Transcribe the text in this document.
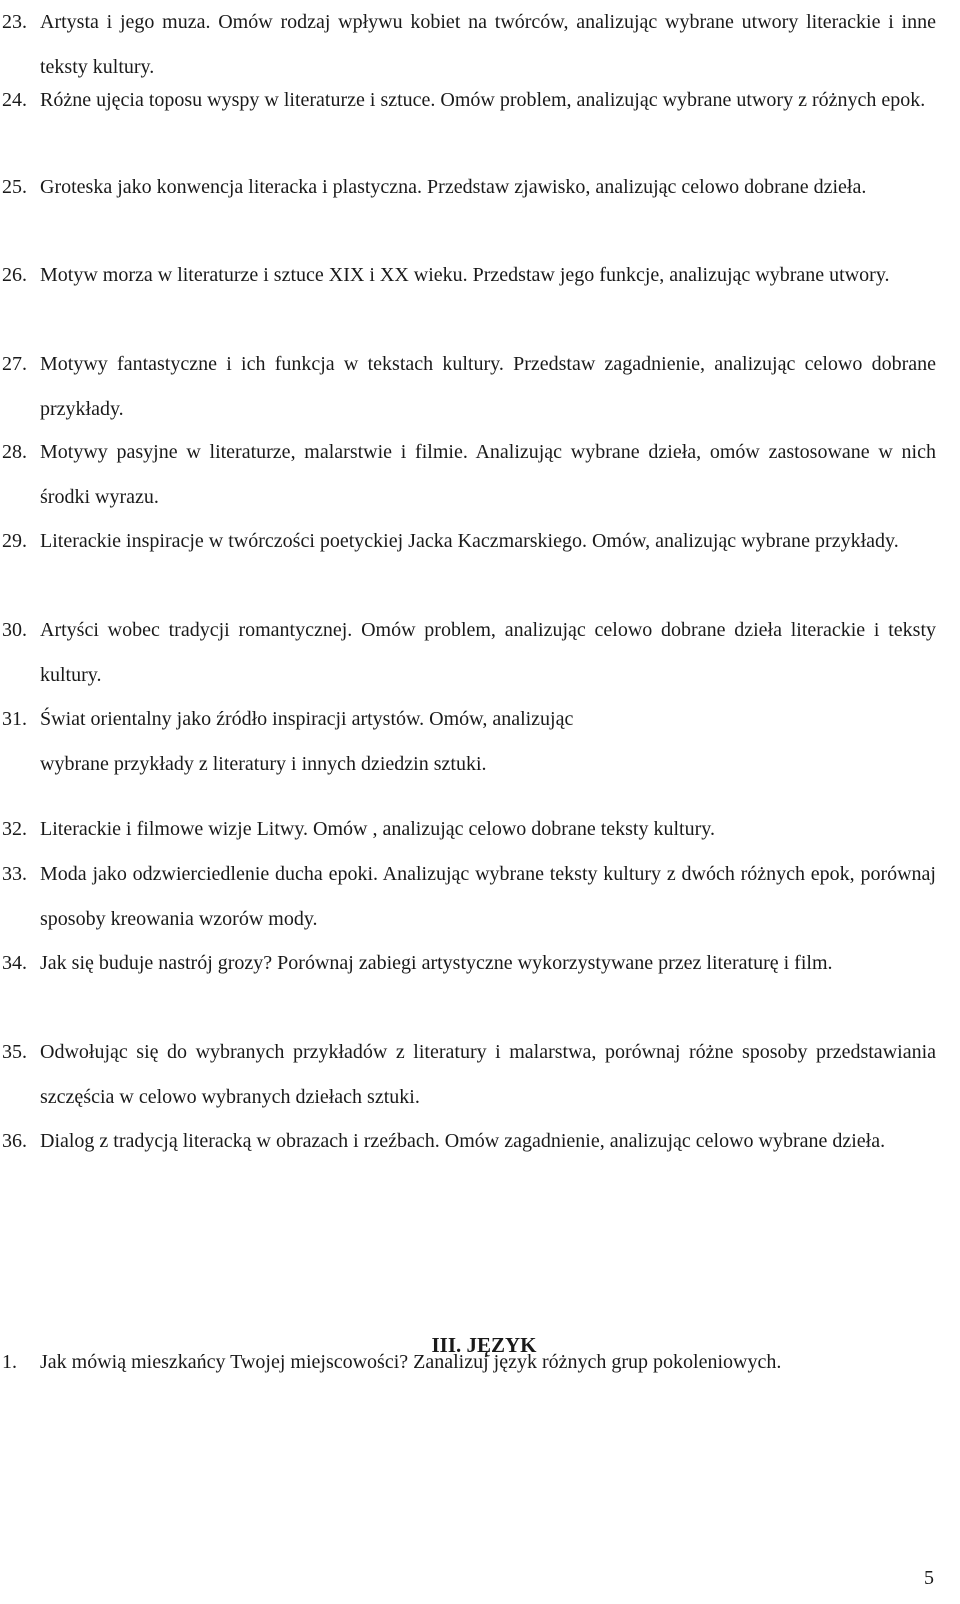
23. Artysta i jego muza. Omów rodzaj wpływu kobiet na twórców, analizując wybrane utwory literackie i inne teksty kultury.

24. Różne ujęcia toposu wyspy w literaturze i sztuce. Omów problem, analizując wybrane utwory z różnych epok.

25. Groteska jako konwencja literacka i plastyczna. Przedstaw zjawisko, analizując celowo dobrane dzieła.

26. Motyw morza w literaturze i sztuce XIX i XX wieku. Przedstaw jego funkcje, analizując wybrane utwory.

27. Motywy fantastyczne i ich funkcja w tekstach kultury. Przedstaw zagadnienie, analizując celowo dobrane przykłady.

28. Motywy pasyjne w literaturze, malarstwie i filmie. Analizując wybrane dzieła, omów zastosowane w nich środki wyrazu.

29. Literackie inspiracje w twórczości poetyckiej Jacka Kaczmarskiego. Omów, analizując wybrane przykłady.

30. Artyści wobec tradycji romantycznej. Omów problem, analizując celowo dobrane dzieła literackie i teksty kultury.

31. Świat orientalny jako źródło inspiracji artystów. Omów, analizując
wybrane przykłady z literatury i innych dziedzin sztuki.

32. Literackie i filmowe wizje Litwy. Omów , analizując celowo dobrane teksty kultury.

33. Moda jako odzwierciedlenie ducha epoki. Analizując wybrane teksty kultury z dwóch różnych epok, porównaj sposoby kreowania wzorów mody.

34. Jak się buduje nastrój grozy? Porównaj zabiegi artystyczne wykorzystywane przez literaturę i film.

35. Odwołując się do wybranych przykładów z literatury i malarstwa, porównaj różne sposoby przedstawiania szczęścia w celowo wybranych dziełach sztuki.

36. Dialog z tradycją literacką w obrazach i rzeźbach. Omów zagadnienie, analizując celowo wybrane dzieła.

III. JĘZYK
1. Jak mówią mieszkańcy Twojej miejscowości? Zanalizuj język różnych grup pokoleniowych.

5
